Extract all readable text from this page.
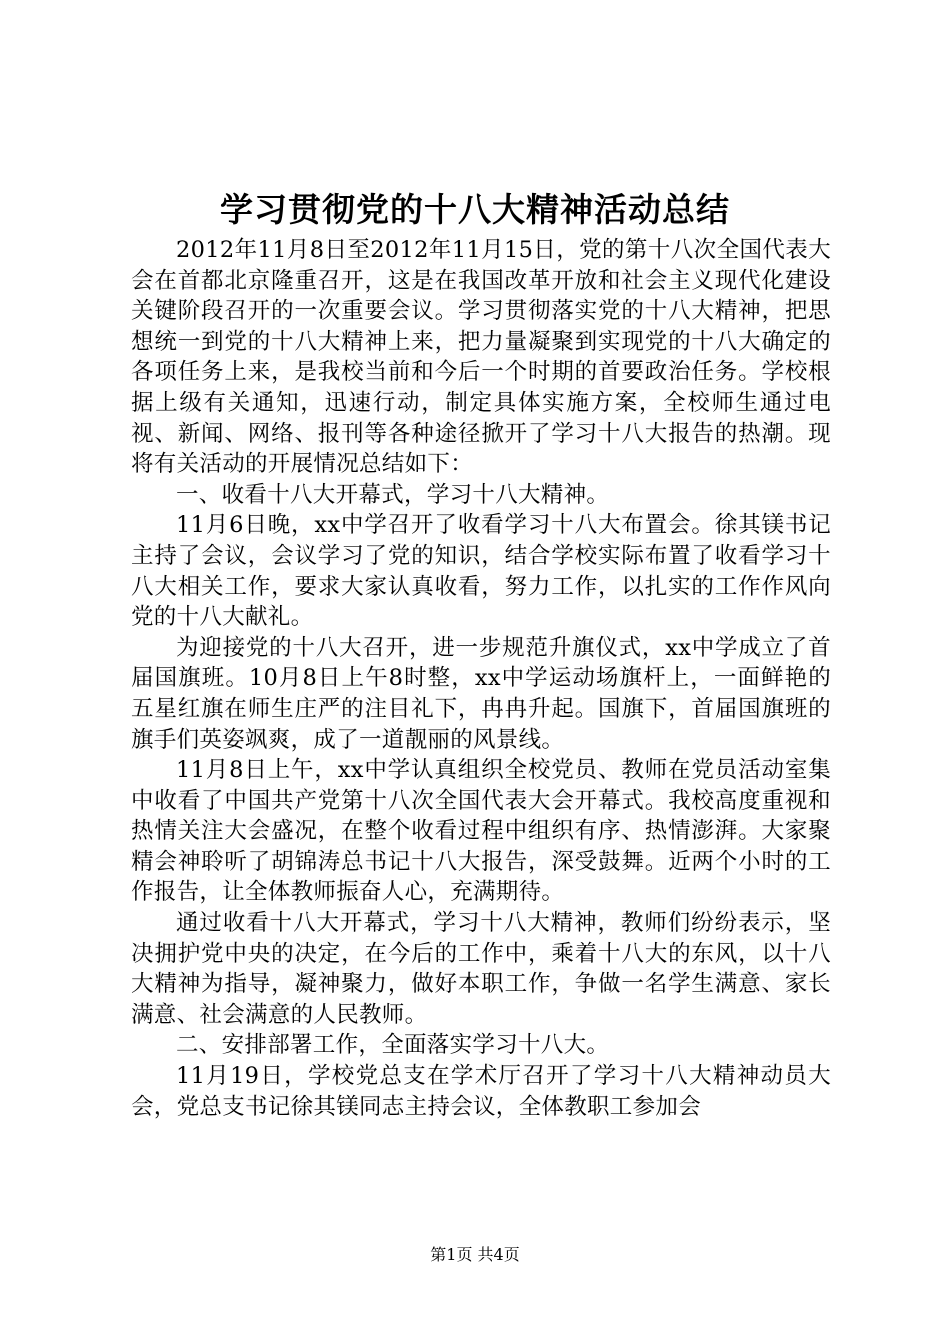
学习贯彻党的十八大精神活动总结

2012年11月8日至2012年11月15日，党的第十八次全国代表大会在首都北京隆重召开，这是在我国改革开放和社会主义现代化建设关键阶段召开的一次重要会议。学习贯彻落实党的十八大精神，把思想统一到党的十八大精神上来，把力量凝聚到实现党的十八大确定的各项任务上来，是我校当前和今后一个时期的首要政治任务。学校根据上级有关通知，迅速行动，制定具体实施方案，全校师生通过电视、新闻、网络、报刊等各种途径掀开了学习十八大报告的热潮。现将有关活动的开展情况总结如下：

一、收看十八大开幕式，学习十八大精神。

11月6日晚，xx中学召开了收看学习十八大布置会。徐其镁书记主持了会议，会议学习了党的知识，结合学校实际布置了收看学习十八大相关工作，要求大家认真收看，努力工作，以扎实的工作作风向党的十八大献礼。

为迎接党的十八大召开，进一步规范升旗仪式，xx中学成立了首届国旗班。10月8日上午8时整，xx中学运动场旗杆上，一面鲜艳的五星红旗在师生庄严的注目礼下，冉冉升起。国旗下，首届国旗班的旗手们英姿飒爽，成了一道靓丽的风景线。

11月8日上午，xx中学认真组织全校党员、教师在党员活动室集中收看了中国共产党第十八次全国代表大会开幕式。我校高度重视和热情关注大会盛况，在整个收看过程中组织有序、热情澎湃。大家聚精会神聆听了胡锦涛总书记十八大报告，深受鼓舞。近两个小时的工作报告，让全体教师振奋人心，充满期待。

通过收看十八大开幕式，学习十八大精神，教师们纷纷表示，坚决拥护党中央的决定，在今后的工作中，乘着十八大的东风，以十八大精神为指导，凝神聚力，做好本职工作，争做一名学生满意、家长满意、社会满意的人民教师。

二、安排部署工作，全面落实学习十八大。

11月19日，学校党总支在学术厅召开了学习十八大精神动员大会，党总支书记徐其镁同志主持会议，全体教职工参加会

第1页 共4页
